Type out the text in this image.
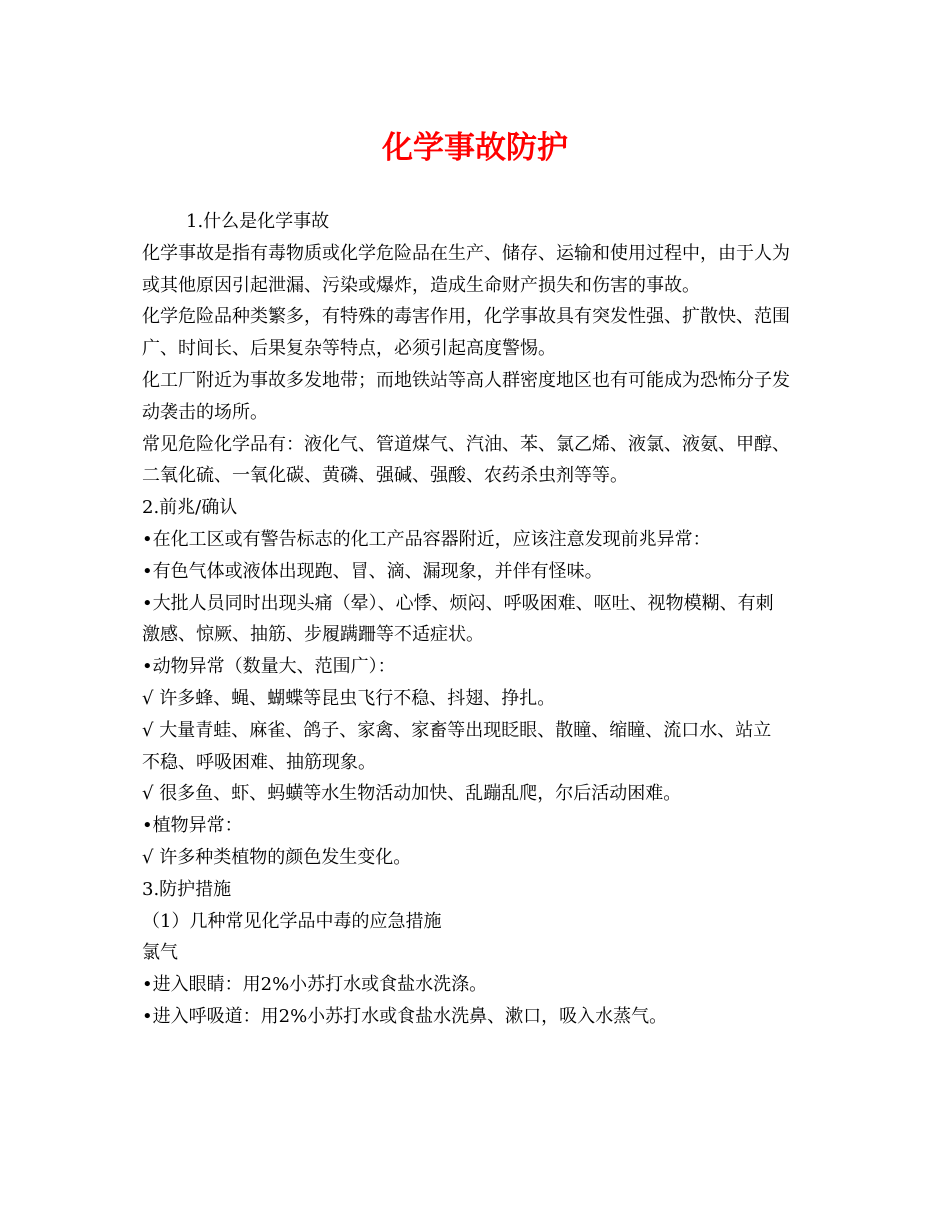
化学事故防护
1.什么是化学事故
化学事故是指有毒物质或化学危险品在生产、储存、运输和使用过程中，由于人为
或其他原因引起泄漏、污染或爆炸，造成生命财产损失和伤害的事故。
化学危险品种类繁多，有特殊的毒害作用，化学事故具有突发性强、扩散快、范围
广、时间长、后果复杂等特点，必须引起高度警惕。
化工厂附近为事故多发地带；而地铁站等高人群密度地区也有可能成为恐怖分子发
动袭击的场所。
常见危险化学品有：液化气、管道煤气、汽油、苯、氯乙烯、液氯、液氨、甲醇、
二氧化硫、一氧化碳、黄磷、强碱、强酸、农药杀虫剂等等。
2.前兆/确认
•在化工区或有警告标志的化工产品容器附近，应该注意发现前兆异常：
•有色气体或液体出现跑、冒、滴、漏现象，并伴有怪味。
•大批人员同时出现头痛（晕）、心悸、烦闷、呼吸困难、呕吐、视物模糊、有刺
激感、惊厥、抽筋、步履蹒跚等不适症状。
•动物异常（数量大、范围广）：
√ 许多蜂、蝇、蝴蝶等昆虫飞行不稳、抖翅、挣扎。
√ 大量青蛙、麻雀、鸽子、家禽、家畜等出现眨眼、散瞳、缩瞳、流口水、站立
不稳、呼吸困难、抽筋现象。
√ 很多鱼、虾、蚂蟥等水生物活动加快、乱蹦乱爬，尔后活动困难。
•植物异常：
√ 许多种类植物的颜色发生变化。
3.防护措施
（1）几种常见化学品中毒的应急措施
氯气
•进入眼睛：用2%小苏打水或食盐水洗涤。
•进入呼吸道：用2%小苏打水或食盐水洗鼻、漱口，吸入水蒸气。
